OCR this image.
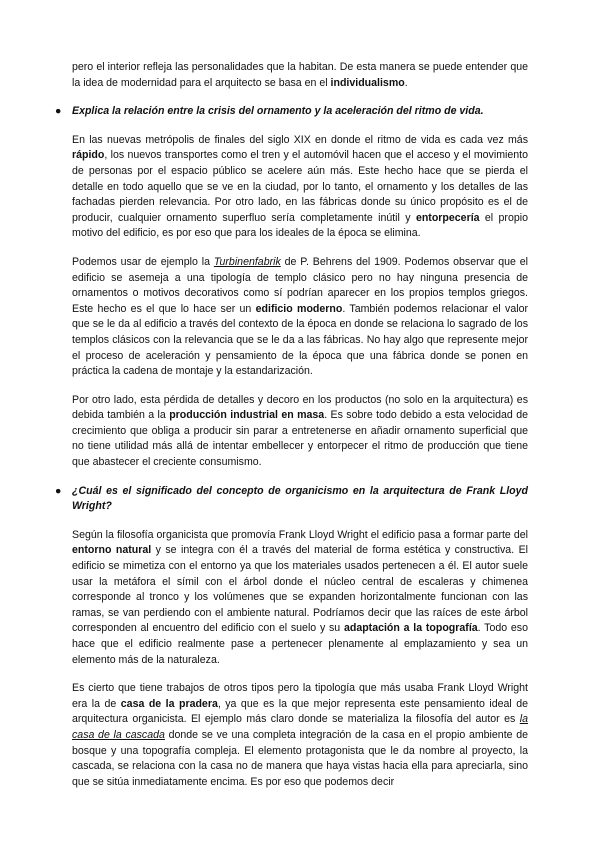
pero el interior refleja las personalidades que la habitan. De esta manera se puede entender que la idea de modernidad para el arquitecto se basa en el individualismo.

● Explica la relación entre la crisis del ornamento y la aceleración del ritmo de vida.

En las nuevas metrópolis de finales del siglo XIX en donde el ritmo de vida es cada vez más rápido, los nuevos transportes como el tren y el automóvil hacen que el acceso y el movimiento de personas por el espacio público se acelere aún más. Este hecho hace que se pierda el detalle en todo aquello que se ve en la ciudad, por lo tanto, el ornamento y los detalles de las fachadas pierden relevancia. Por otro lado, en las fábricas donde su único propósito es el de producir, cualquier ornamento superfluo sería completamente inútil y entorpecería el propio motivo del edificio, es por eso que para los ideales de la época se elimina.

Podemos usar de ejemplo la Turbinenfabrik de P. Behrens del 1909. Podemos observar que el edificio se asemeja a una tipología de templo clásico pero no hay ninguna presencia de ornamentos o motivos decorativos como sí podrían aparecer en los propios templos griegos. Este hecho es el que lo hace ser un edificio moderno. También podemos relacionar el valor que se le da al edificio a través del contexto de la época en donde se relaciona lo sagrado de los templos clásicos con la relevancia que se le da a las fábricas. No hay algo que represente mejor el proceso de aceleración y pensamiento de la época que una fábrica donde se ponen en práctica la cadena de montaje y la estandarización.

Por otro lado, esta pérdida de detalles y decoro en los productos (no solo en la arquitectura) es debida también a la producción industrial en masa. Es sobre todo debido a esta velocidad de crecimiento que obliga a producir sin parar a entretenerse en añadir ornamento superficial que no tiene utilidad más allá de intentar embellecer y entorpecer el ritmo de producción que tiene que abastecer el creciente consumismo.

● ¿Cuál es el significado del concepto de organicismo en la arquitectura de Frank Lloyd Wright?

Según la filosofía organicista que promovía Frank Lloyd Wright el edificio pasa a formar parte del entorno natural y se integra con él a través del material de forma estética y constructiva. El edificio se mimetiza con el entorno ya que los materiales usados pertenecen a él. El autor suele usar la metáfora el símil con el árbol donde el núcleo central de escaleras y chimenea corresponde al tronco y los volúmenes que se expanden horizontalmente funcionan con las ramas, se van perdiendo con el ambiente natural. Podríamos decir que las raíces de este árbol corresponden al encuentro del edificio con el suelo y su adaptación a la topografía. Todo eso hace que el edificio realmente pase a pertenecer plenamente al emplazamiento y sea un elemento más de la naturaleza.

Es cierto que tiene trabajos de otros tipos pero la tipología que más usaba Frank Lloyd Wright era la de casa de la pradera, ya que es la que mejor representa este pensamiento ideal de arquitectura organicista. El ejemplo más claro donde se materializa la filosofía del autor es la casa de la cascada donde se ve una completa integración de la casa en el propio ambiente de bosque y una topografía compleja. El elemento protagonista que le da nombre al proyecto, la cascada, se relaciona con la casa no de manera que haya vistas hacia ella para apreciarla, sino que se sitúa inmediatamente encima. Es por eso que podemos decir
